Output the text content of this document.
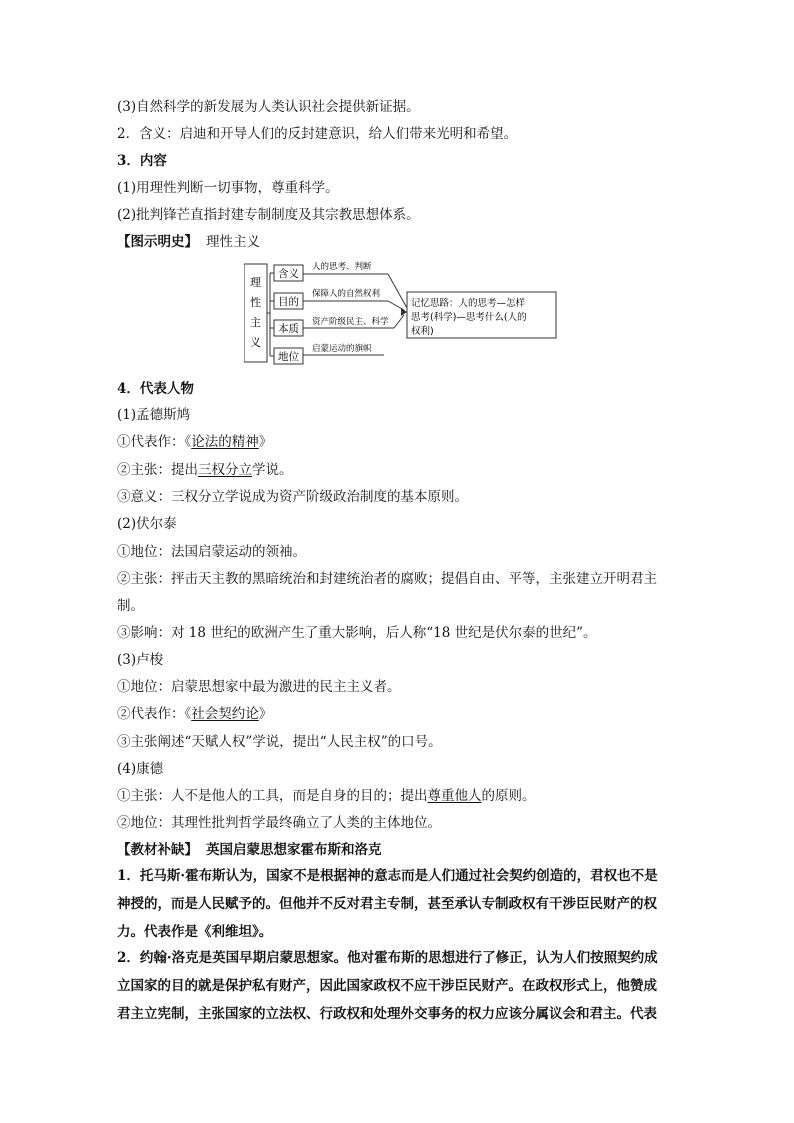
(3)自然科学的新发展为人类认识社会提供新证据。
2．含义：启迪和开导人们的反封建意识，给人们带来光明和希望。
3．内容
(1)用理性判断一切事物，尊重科学。
(2)批判锋芒直指封建专制制度及其宗教思想体系。
【图示明史】 理性主义
理
性
主
义
含义
目的
本质
地位
人的思考、判断
保障人的自然权利
资产阶级民主、科学
启蒙运动的旗帜
记忆思路：人的思考—怎样
思考(科学)—思考什么(人的
权利)
4．代表人物
(1)孟德斯鸠
①代表作：《论法的精神》
②主张：提出三权分立学说。
③意义：三权分立学说成为资产阶级政治制度的基本原则。
(2)伏尔泰
①地位：法国启蒙运动的领袖。
②主张：抨击天主教的黑暗统治和封建统治者的腐败；提倡自由、平等，主张建立开明君主
制。
③影响：对 18 世纪的欧洲产生了重大影响，后人称“18 世纪是伏尔泰的世纪”。
(3)卢梭
①地位：启蒙思想家中最为激进的民主主义者。
②代表作：《社会契约论》
③主张阐述“天赋人权”学说，提出“人民主权”的口号。
(4)康德
①主张：人不是他人的工具，而是自身的目的；提出尊重他人的原则。
②地位：其理性批判哲学最终确立了人类的主体地位。
【教材补缺】 英国启蒙思想家霍布斯和洛克
1．托马斯·霍布斯认为，国家不是根据神的意志而是人们通过社会契约创造的，君权也不是
神授的，而是人民赋予的。但他并不反对君主专制，甚至承认专制政权有干涉臣民财产的权
力。代表作是《利维坦》。
2．约翰·洛克是英国早期启蒙思想家。他对霍布斯的思想进行了修正，认为人们按照契约成
立国家的目的就是保护私有财产，因此国家政权不应干涉臣民财产。在政权形式上，他赞成
君主立宪制，主张国家的立法权、行政权和处理外交事务的权力应该分属议会和君主。代表
